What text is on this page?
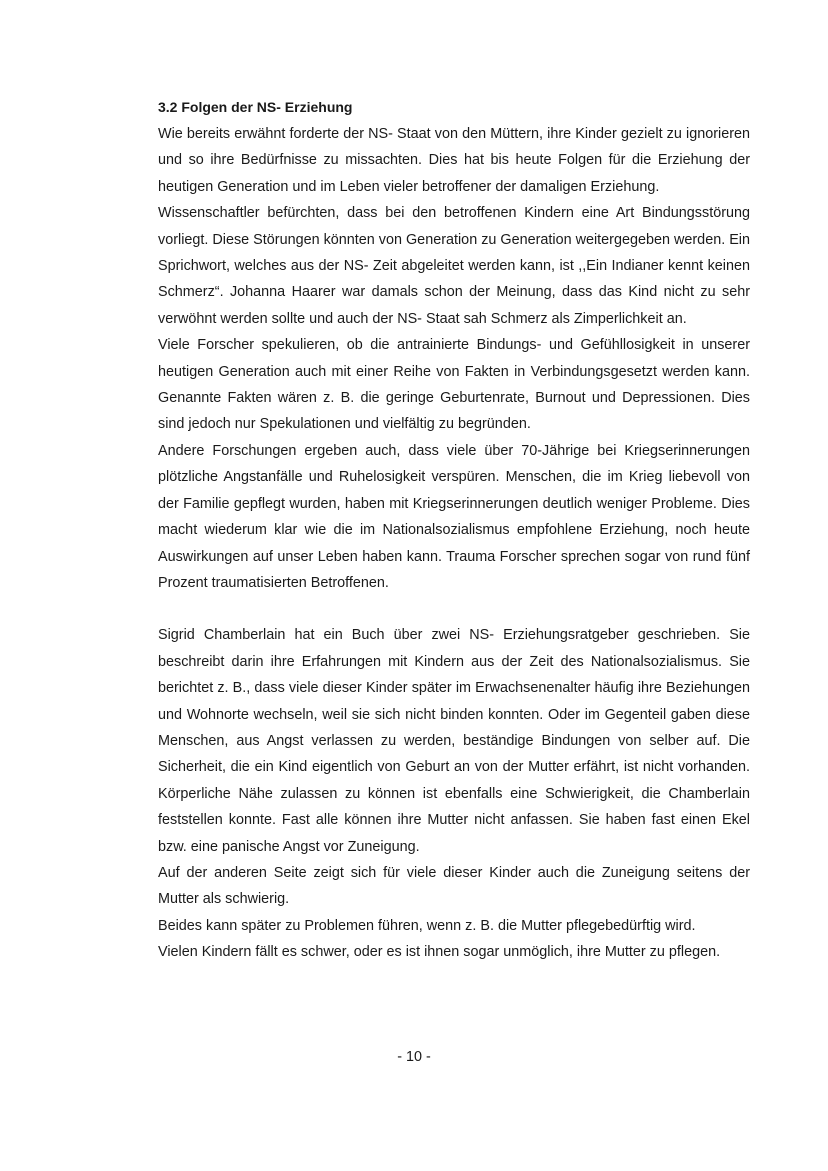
3.2 Folgen der NS- Erziehung

Wie bereits erwähnt forderte der NS- Staat von den Müttern, ihre Kinder gezielt zu ignorieren und so ihre Bedürfnisse zu missachten. Dies hat bis heute Folgen für die Erziehung der heutigen Generation und im Leben vieler betroffener der damaligen Erziehung.

Wissenschaftler befürchten, dass bei den betroffenen Kindern eine Art Bindungsstörung vorliegt. Diese Störungen könnten von Generation zu Generation weitergegeben werden. Ein Sprichwort, welches aus der NS- Zeit abgeleitet werden kann, ist ,,Ein Indianer kennt keinen Schmerz“. Johanna Haarer war damals schon der Meinung, dass das Kind nicht zu sehr verwöhnt werden sollte und auch der NS- Staat sah Schmerz als Zimperlichkeit an.

Viele Forscher spekulieren, ob die antrainierte Bindungs- und Gefühllosigkeit in unserer heutigen Generation auch mit einer Reihe von Fakten in Verbindungsgesetzt werden kann. Genannte Fakten wären z. B. die geringe Geburtenrate, Burnout und Depressionen. Dies sind jedoch nur Spekulationen und vielfältig zu begründen.

Andere Forschungen ergeben auch, dass viele über 70-Jährige bei Kriegserinnerungen plötzliche Angstanfälle und Ruhelosigkeit verspüren. Menschen, die im Krieg liebevoll von der Familie gepflegt wurden, haben mit Kriegserinnerungen deutlich weniger Probleme. Dies macht wiederum klar wie die im Nationalsozialismus empfohlene Erziehung, noch heute Auswirkungen auf unser Leben haben kann. Trauma Forscher sprechen sogar von rund fünf Prozent traumatisierten Betroffenen.

Sigrid Chamberlain hat ein Buch über zwei NS- Erziehungsratgeber geschrieben. Sie beschreibt darin ihre Erfahrungen mit Kindern aus der Zeit des Nationalsozialismus. Sie berichtet z. B., dass viele dieser Kinder später im Erwachsenenalter häufig ihre Beziehungen und Wohnorte wechseln, weil sie sich nicht binden konnten. Oder im Gegenteil gaben diese Menschen, aus Angst verlassen zu werden, beständige Bindungen von selber auf. Die Sicherheit, die ein Kind eigentlich von Geburt an von der Mutter erfährt, ist nicht vorhanden. Körperliche Nähe zulassen zu können ist ebenfalls eine Schwierigkeit, die Chamberlain feststellen konnte. Fast alle können ihre Mutter nicht anfassen. Sie haben fast einen Ekel bzw. eine panische Angst vor Zuneigung.

Auf der anderen Seite zeigt sich für viele dieser Kinder auch die Zuneigung seitens der Mutter als schwierig.

Beides kann später zu Problemen führen, wenn z. B. die Mutter pflegebedürftig wird.

Vielen Kindern fällt es schwer, oder es ist ihnen sogar unmöglich, ihre Mutter zu pflegen.

- 10 -
